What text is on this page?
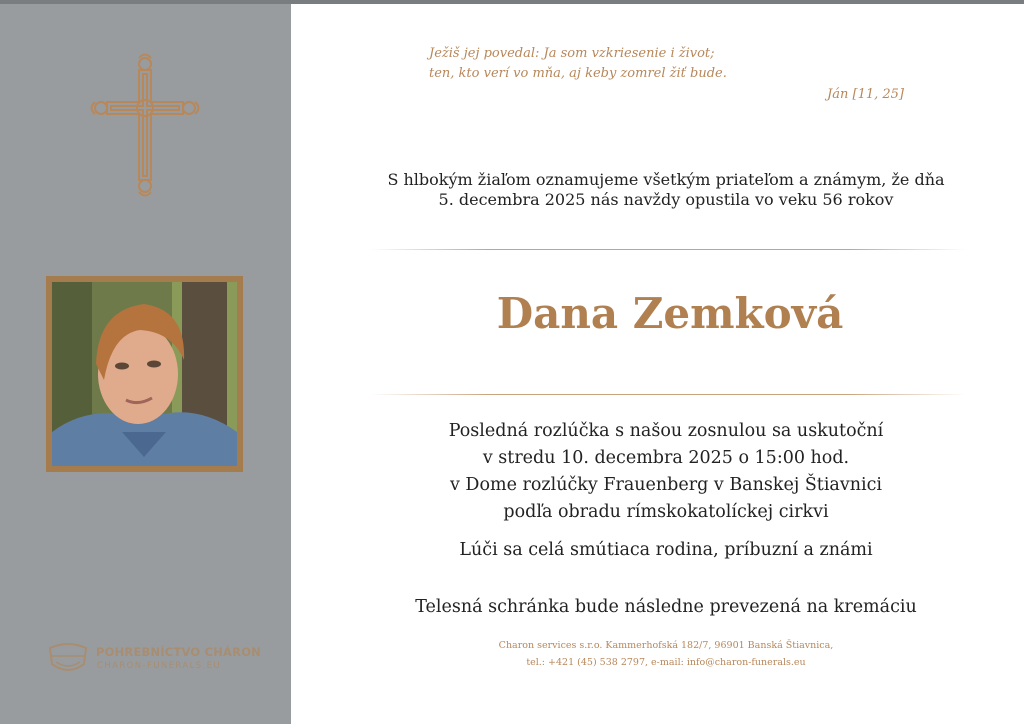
POHREBNÍCTVO CHÁRON
CHARON-FUNERALS.EU
Ježiš jej povedal: Ja som vzkriesenie i život;
ten, kto verí vo mňa, aj keby zomrel žiť bude.
Ján [11, 25]
S hlbokým žiaľom oznamujeme všetkým priateľom a známym, že dňa
5. decembra 2025 nás navždy opustila vo veku 56 rokov
Dana Zemková
Posledná rozlúčka s našou zosnulou sa uskutoční
v stredu 10. decembra 2025 o 15:00 hod.
v Dome rozlúčky Frauenberg v Banskej Štiavnici
podľa obradu rímskokatolíckej cirkvi
Lúči sa celá smútiaca rodina, príbuzní a známi
Telesná schránka bude následne prevezená na kremáciu
Charon services s.r.o. Kammerhofská 182/7, 96901 Banská Štiavnica,
tel.: +421 (45) 538 2797, e-mail: info@charon-funerals.eu
